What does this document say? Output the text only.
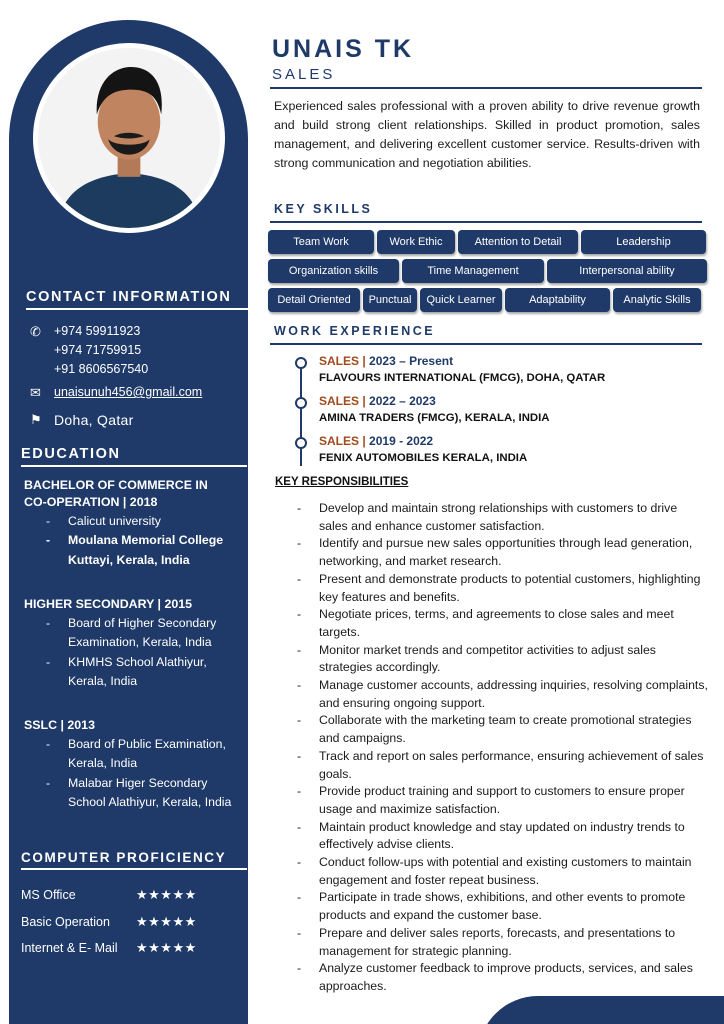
CONTACT INFORMATION
✆	+974 59911923
+974 71759915
+91 8606567540
✉	unaisunuh456@gmail.com
⚑ Doha, Qatar
EDUCATION
BACHELOR OF COMMERCE IN
CO-OPERATION | 2018
- Calicut university
- Moulana Memorial College Kuttayi, Kerala, India
HIGHER SECONDARY | 2015
- Board of Higher Secondary Examination, Kerala, India
- KHMHS School Alathiyur, Kerala, India
SSLC | 2013
- Board of Public Examination, Kerala, India
- Malabar Higer Secondary School Alathiyur, Kerala, India
COMPUTER PROFICIENCY
MS Office	★★★★★
Basic Operation	★★★★★
Internet & E- Mail	★★★★★
UNAIS TK
SALES
Experienced sales professional with a proven ability to drive revenue growth and build strong client relationships. Skilled in product promotion, sales management, and delivering excellent customer service. Results-driven with strong communication and negotiation abilities.
KEY SKILLS
Team Work	Work Ethic	Attention to Detail	Leadership
Organization skills	Time Management	Interpersonal ability
Detail Oriented	Punctual	Quick Learner	Adaptability	Analytic Skills
WORK EXPERIENCE
SALES | 2023 – Present
FLAVOURS INTERNATIONAL (FMCG), DOHA, QATAR
SALES | 2022 – 2023
AMINA TRADERS (FMCG), KERALA, INDIA
SALES | 2019 - 2022
FENIX AUTOMOBILES KERALA, INDIA
KEY RESPONSIBILITIES
- Develop and maintain strong relationships with customers to drive sales and enhance customer satisfaction.
- Identify and pursue new sales opportunities through lead generation, networking, and market research.
- Present and demonstrate products to potential customers, highlighting key features and benefits.
- Negotiate prices, terms, and agreements to close sales and meet targets.
- Monitor market trends and competitor activities to adjust sales strategies accordingly.
- Manage customer accounts, addressing inquiries, resolving complaints, and ensuring ongoing support.
- Collaborate with the marketing team to create promotional strategies and campaigns.
- Track and report on sales performance, ensuring achievement of sales goals.
- Provide product training and support to customers to ensure proper usage and maximize satisfaction.
- Maintain product knowledge and stay updated on industry trends to effectively advise clients.
- Conduct follow-ups with potential and existing customers to maintain engagement and foster repeat business.
- Participate in trade shows, exhibitions, and other events to promote products and expand the customer base.
- Prepare and deliver sales reports, forecasts, and presentations to management for strategic planning.
- Analyze customer feedback to improve products, services, and sales approaches.
